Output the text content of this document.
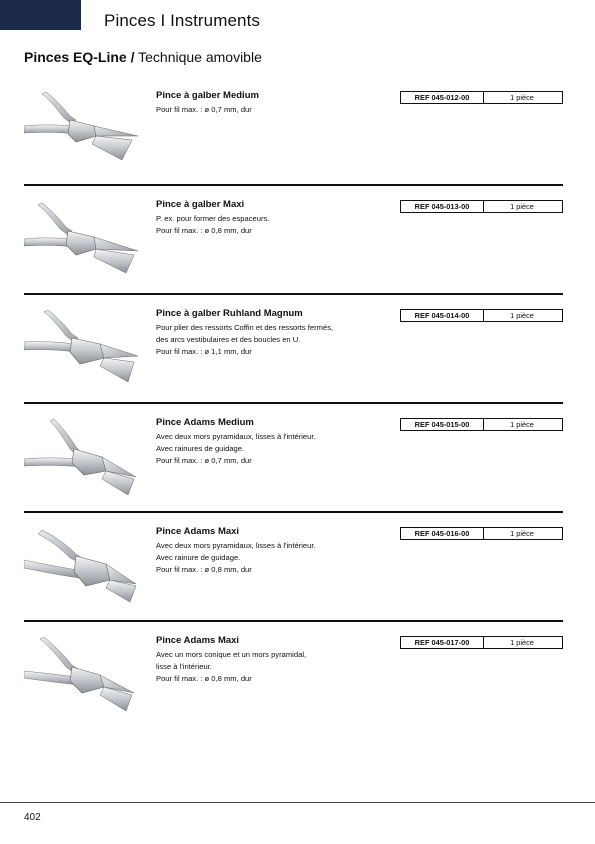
Pinces I Instruments
Pinces EQ-Line / Technique amovible
Pince à galber Medium
Pour fil max. : ø 0,7 mm, dur
REF 045-012-00	1 pièce
Pince à galber Maxi
P. ex. pour former des espaceurs.
Pour fil max. : ø 0,8 mm, dur
REF 045-013-00	1 pièce
Pince à galber Ruhland Magnum
Pour plier des ressorts Coffin et des ressorts fermés,
des arcs vestibulaires et des boucles en U.
Pour fil max. : ø 1,1 mm, dur
REF 045-014-00	1 pièce
Pince Adams Medium
Avec deux mors pyramidaux, lisses à l'intérieur.
Avec rainures de guidage.
Pour fil max. : ø 0,7 mm, dur
REF 045-015-00	1 pièce
Pince Adams Maxi
Avec deux mors pyramidaux, lisses à l'intérieur.
Avec rainure de guidage.
Pour fil max. : ø 0,8 mm, dur
REF 045-016-00	1 pièce
Pince Adams Maxi
Avec un mors conique et un mors pyramidal,
lisse à l'intérieur.
Pour fil max. : ø 0,8 mm, dur
REF 045-017-00	1 pièce
402
